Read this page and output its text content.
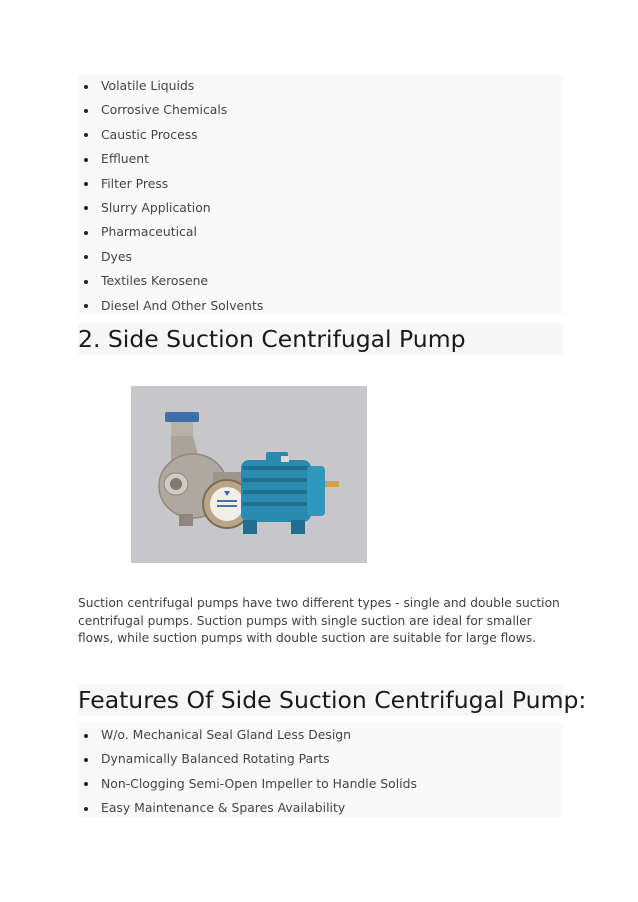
Volatile Liquids
Corrosive Chemicals
Caustic Process
Effluent
Filter Press
Slurry Application
Pharmaceutical
Dyes
Textiles Kerosene
Diesel And Other Solvents
2. Side Suction Centrifugal Pump

Suction centrifugal pumps have two different types - single and double suction centrifugal pumps. Suction pumps with single suction are ideal for smaller flows, while suction pumps with double suction are suitable for large flows.

Features Of Side Suction Centrifugal Pump:
W/o. Mechanical Seal Gland Less Design
Dynamically Balanced Rotating Parts
Non-Clogging Semi-Open Impeller to Handle Solids
Easy Maintenance & Spares Availability
